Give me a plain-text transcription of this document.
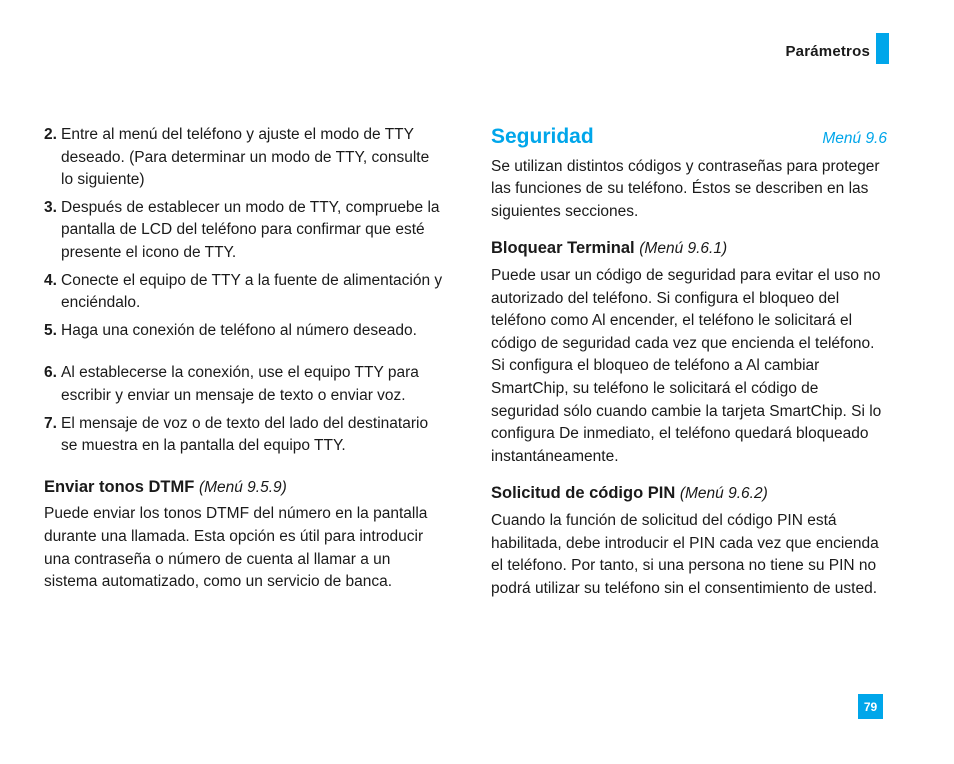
Parámetros
2. Entre al menú del teléfono y ajuste el modo de TTY deseado. (Para determinar un modo de TTY, consulte lo siguiente)
3. Después de establecer un modo de TTY, compruebe la pantalla de LCD del teléfono para confirmar que esté presente el icono de TTY.
4. Conecte el equipo de TTY a la fuente de alimentación y enciéndalo.
5. Haga una conexión de teléfono al número deseado.
6. Al establecerse la conexión, use el equipo TTY para escribir y enviar un mensaje de texto o enviar voz.
7. El mensaje de voz o de texto del lado del destinatario se muestra en la pantalla del equipo TTY.
Enviar tonos DTMF (Menú 9.5.9)

Puede enviar los tonos DTMF del número en la pantalla durante una llamada. Esta opción es útil para introducir una contraseña o número de cuenta al llamar a un sistema automatizado, como un servicio de banca.

Seguridad	Menú 9.6

Se utilizan distintos códigos y contraseñas para proteger las funciones de su teléfono. Éstos se describen en las siguientes secciones.

Bloquear Terminal (Menú 9.6.1)

Puede usar un código de seguridad para evitar el uso no autorizado del teléfono. Si configura el bloqueo del teléfono como Al encender, el teléfono le solicitará el código de seguridad cada vez que encienda el teléfono. Si configura el bloqueo de teléfono a Al cambiar SmartChip, su teléfono le solicitará el código de seguridad sólo cuando cambie la tarjeta SmartChip. Si lo configura De inmediato, el teléfono quedará bloqueado instantáneamente.

Solicitud de código PIN (Menú 9.6.2)

Cuando la función de solicitud del código PIN está habilitada, debe introducir el PIN cada vez que encienda el teléfono. Por tanto, si una persona no tiene su PIN no podrá utilizar su teléfono sin el consentimiento de usted.

79
